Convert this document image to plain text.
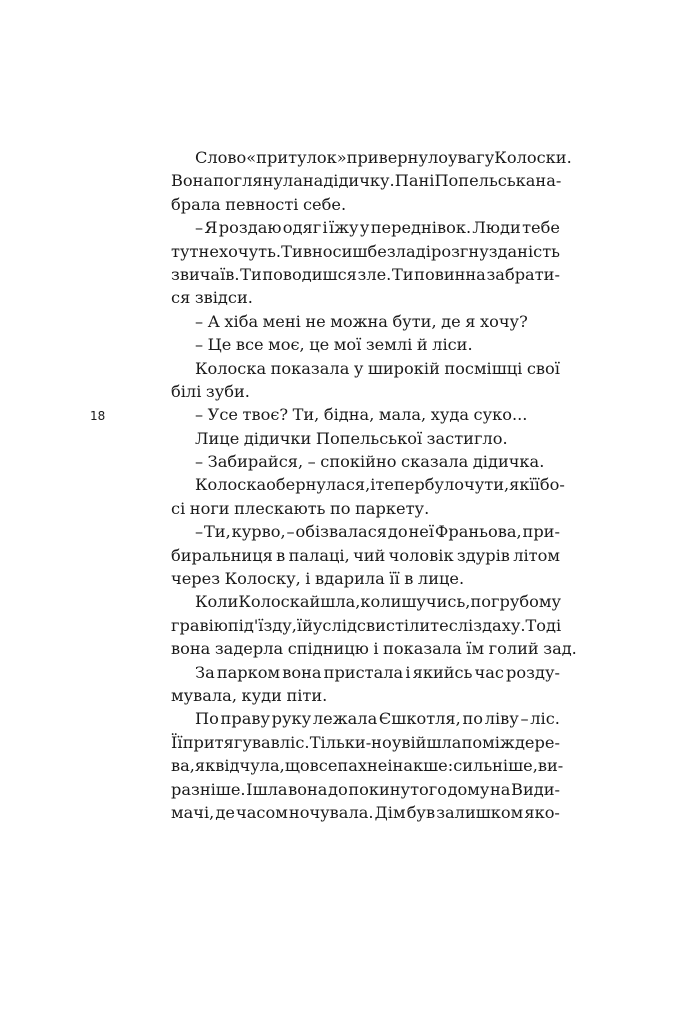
18
Слово «притулок» привернуло увагу Колоски.
Вона поглянула на дідичку. Пані Попельська на-
брала певності себе.
– Я роздаю одяг і їжу у переднівок. Люди тебе
тут не хочуть. Ти вносиш безлад і розгнузданість
звичаїв. Ти поводишся зле. Ти повинна забрати-
ся звідси.
– А хіба мені не можна бути, де я хочу?
– Це все моє, це мої землі й ліси.
Колоска показала у широкій посмішці свої
білі зуби.
– Усе твоє? Ти, бідна, мала, худа суко...
Лице дідички Попельської застигло.
– Забирайся, – спокійно сказала дідичка.
Колоска обернулася, і тепер було чути, як її бо-
сі ноги плескають по паркету.
– Ти, курво, – обізвалася до неї Франьова, при-
биральниця в палаці, чий чоловік здурів літом
через Колоску, і вдарила її в лице.
Коли Колоска йшла, колишучись, по грубому
гравію під'їзду, їй услід свистіли теслі з даху. Тоді
вона задерла спідницю і показала їм голий зад.
За парком вона пристала і якийсь час розду-
мувала, куди піти.
По праву руку лежала Єшкотля, по ліву – ліс.
Її притягував ліс. Тільки-но увійшла поміж дере-
ва, як відчула, що все пахне інакше: сильніше, ви-
разніше. Ішла вона до покинутого дому на Види-
мачі, де часом ночувала. Дім був залишком яко-
